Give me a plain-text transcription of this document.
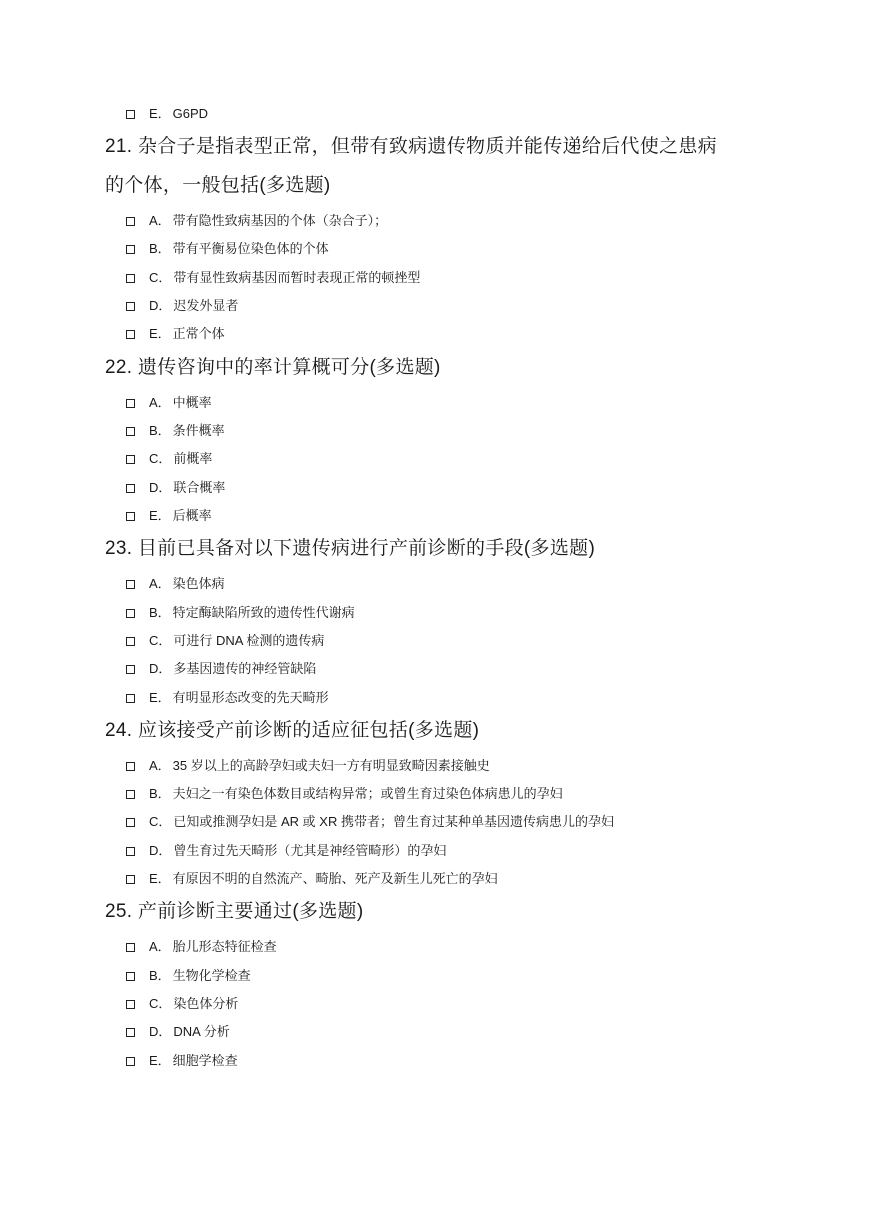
E． G6PD
21. 杂合子是指表型正常，但带有致病遗传物质并能传递给后代使之患病
的个体，一般包括(多选题)
A． 带有隐性致病基因的个体（杂合子）；
B． 带有平衡易位染色体的个体
C． 带有显性致病基因而暂时表现正常的顿挫型
D． 迟发外显者
E． 正常个体
22. 遗传咨询中的率计算概可分(多选题)
A． 中概率
B． 条件概率
C． 前概率
D． 联合概率
E． 后概率
23. 目前已具备对以下遗传病进行产前诊断的手段(多选题)
A． 染色体病
B． 特定酶缺陷所致的遗传性代谢病
C． 可进行 DNA 检测的遗传病
D． 多基因遗传的神经管缺陷
E． 有明显形态改变的先天畸形
24. 应该接受产前诊断的适应征包括(多选题)
A． 35 岁以上的高龄孕妇或夫妇一方有明显致畸因素接触史
B． 夫妇之一有染色体数目或结构异常；或曾生育过染色体病患儿的孕妇
C． 已知或推测孕妇是 AR 或 XR 携带者；曾生育过某种单基因遗传病患儿的孕妇
D． 曾生育过先天畸形（尤其是神经管畸形）的孕妇
E． 有原因不明的自然流产、畸胎、死产及新生儿死亡的孕妇
25. 产前诊断主要通过(多选题)
A． 胎儿形态特征检查
B． 生物化学检查
C． 染色体分析
D． DNA 分析
E． 细胞学检查
